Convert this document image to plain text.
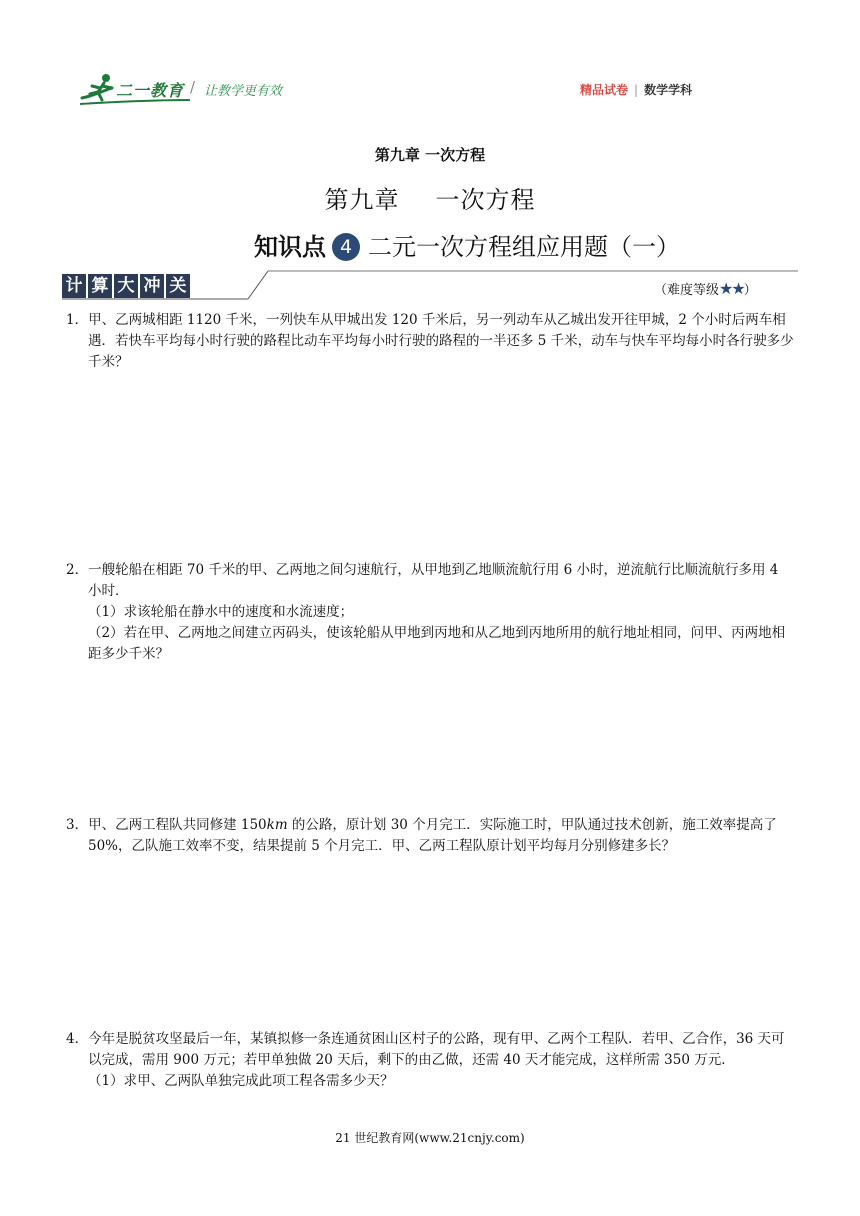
二一教育 / 让教学更有效	精品试卷 | 数学学科
第九章 一次方程
第九章 一次方程
知识点 4 二元一次方程组应用题（一）
计 算 大 冲 关	（难度等级★★）

1．甲、乙两城相距 1120 千米，一列快车从甲城出发 120 千米后，另一列动车从乙城出发开往甲城，2 个小时后两车相遇．若快车平均每小时行驶的路程比动车平均每小时行驶的路程的一半还多 5 千米，动车与快车平均每小时各行驶多少千米？

2．一艘轮船在相距 70 千米的甲、乙两地之间匀速航行，从甲地到乙地顺流航行用 6 小时，逆流航行比顺流航行多用 4 小时．

（1）求该轮船在静水中的速度和水流速度；

（2）若在甲、乙两地之间建立丙码头，使该轮船从甲地到丙地和从乙地到丙地所用的航行地址相同，问甲、丙两地相距多少千米？

3．甲、乙两工程队共同修建 150km 的公路，原计划 30 个月完工．实际施工时，甲队通过技术创新，施工效率提高了 50%，乙队施工效率不变，结果提前 5 个月完工．甲、乙两工程队原计划平均每月分别修建多长？

4．今年是脱贫攻坚最后一年，某镇拟修一条连通贫困山区村子的公路，现有甲、乙两个工程队．若甲、乙合作，36 天可以完成，需用 900 万元；若甲单独做 20 天后，剩下的由乙做，还需 40 天才能完成，这样所需 350 万元．

（1）求甲、乙两队单独完成此项工程各需多少天？

21 世纪教育网(www.21cnjy.com)
